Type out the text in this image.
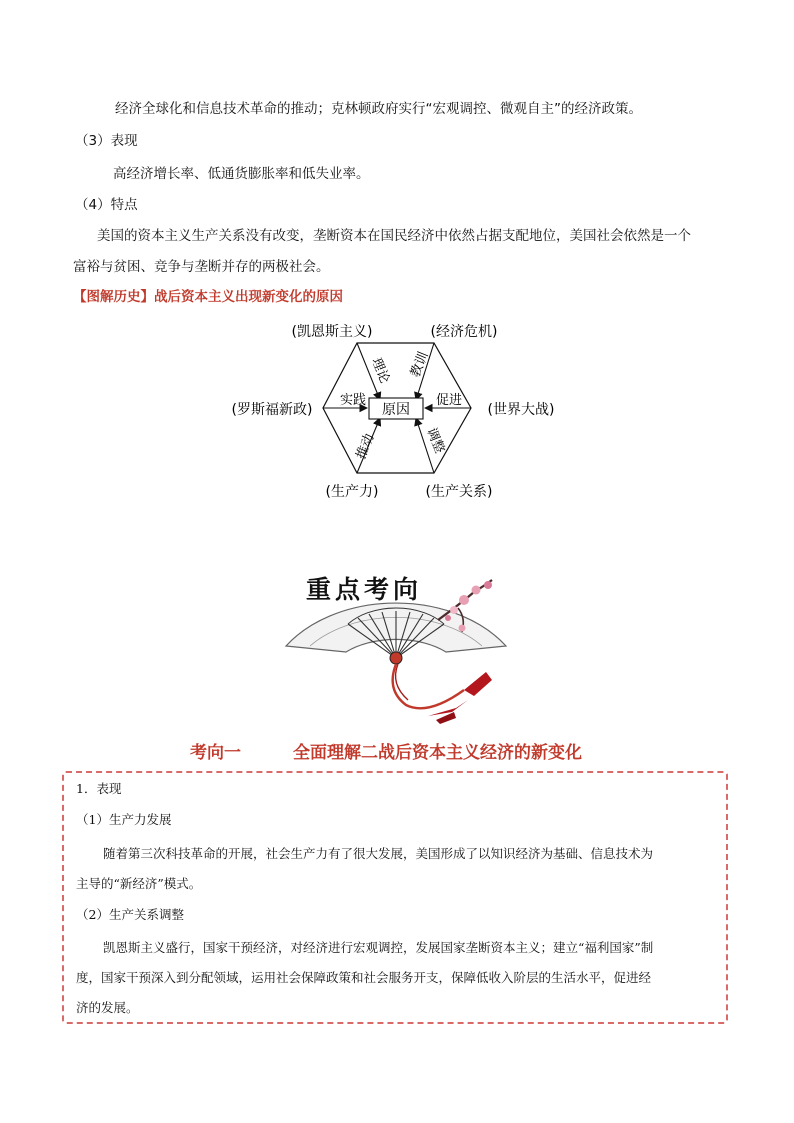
经济全球化和信息技术革命的推动；克林顿政府实行“宏观调控、微观自主”的经济政策。
（3）表现
高经济增长率、低通货膨胀率和低失业率。
（4）特点
美国的资本主义生产关系没有改变，垄断资本在国民经济中依然占据支配地位，美国社会依然是一个
富裕与贫困、竞争与垄断并存的两极社会。
【图解历史】战后资本主义出现新变化的原因
原因
(凯恩斯主义)	(经济危机)
(罗斯福新政)	(世界大战)
(生产力)	(生产关系)
理论 教训
实践	促进
推动	调整
重点考向
考向一	全面理解二战后资本主义经济的新变化
1．表现
（1）生产力发展
随着第三次科技革命的开展，社会生产力有了很大发展，美国形成了以知识经济为基础、信息技术为
主导的“新经济”模式。
（2）生产关系调整
凯恩斯主义盛行，国家干预经济，对经济进行宏观调控，发展国家垄断资本主义；建立“福利国家”制
度，国家干预深入到分配领域，运用社会保障政策和社会服务开支，保障低收入阶层的生活水平，促进经
济的发展。
